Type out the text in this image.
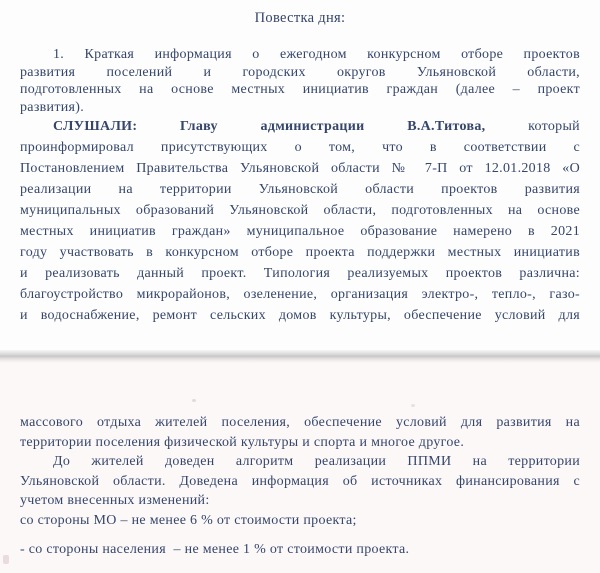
Повестка дня:
1. Краткая информация о ежегодном конкурсном отборе проектов
развития поселений и городских округов Ульяновской области,
подготовленных на основе местных инициатив граждан (далее – проект
развития).
СЛУШАЛИ: Главу администрации В.А.Титова,	который
проинформировал присутствующих о том, что в соответствии с
Постановлением Правительства Ульяновской области № 7-П от 12.01.2018 «О
реализации на территории Ульяновской области проектов развития
муниципальных образований Ульяновской области, подготовленных на основе
местных инициатив граждан» муниципальное образование намерено в 2021
году участвовать в конкурсном отборе проекта поддержки местных инициатив
и реализовать данный проект. Типология реализуемых проектов различна:
благоустройство микрорайонов, озеленение, организация электро-, тепло-, газо-
и водоснабжение, ремонт сельских домов культуры, обеспечение условий для
массового отдыха жителей поселения, обеспечение условий для развития на
территории поселения физической культуры и спорта и многое другое.
До жителей доведен алгоритм реализации ППМИ на территории
Ульяновской области. Доведена информация об источниках финансирования с
учетом внесенных изменений:
со стороны МО – не менее 6 % от стоимости проекта;
- со стороны населения  – не менее 1 % от стоимости проекта.
